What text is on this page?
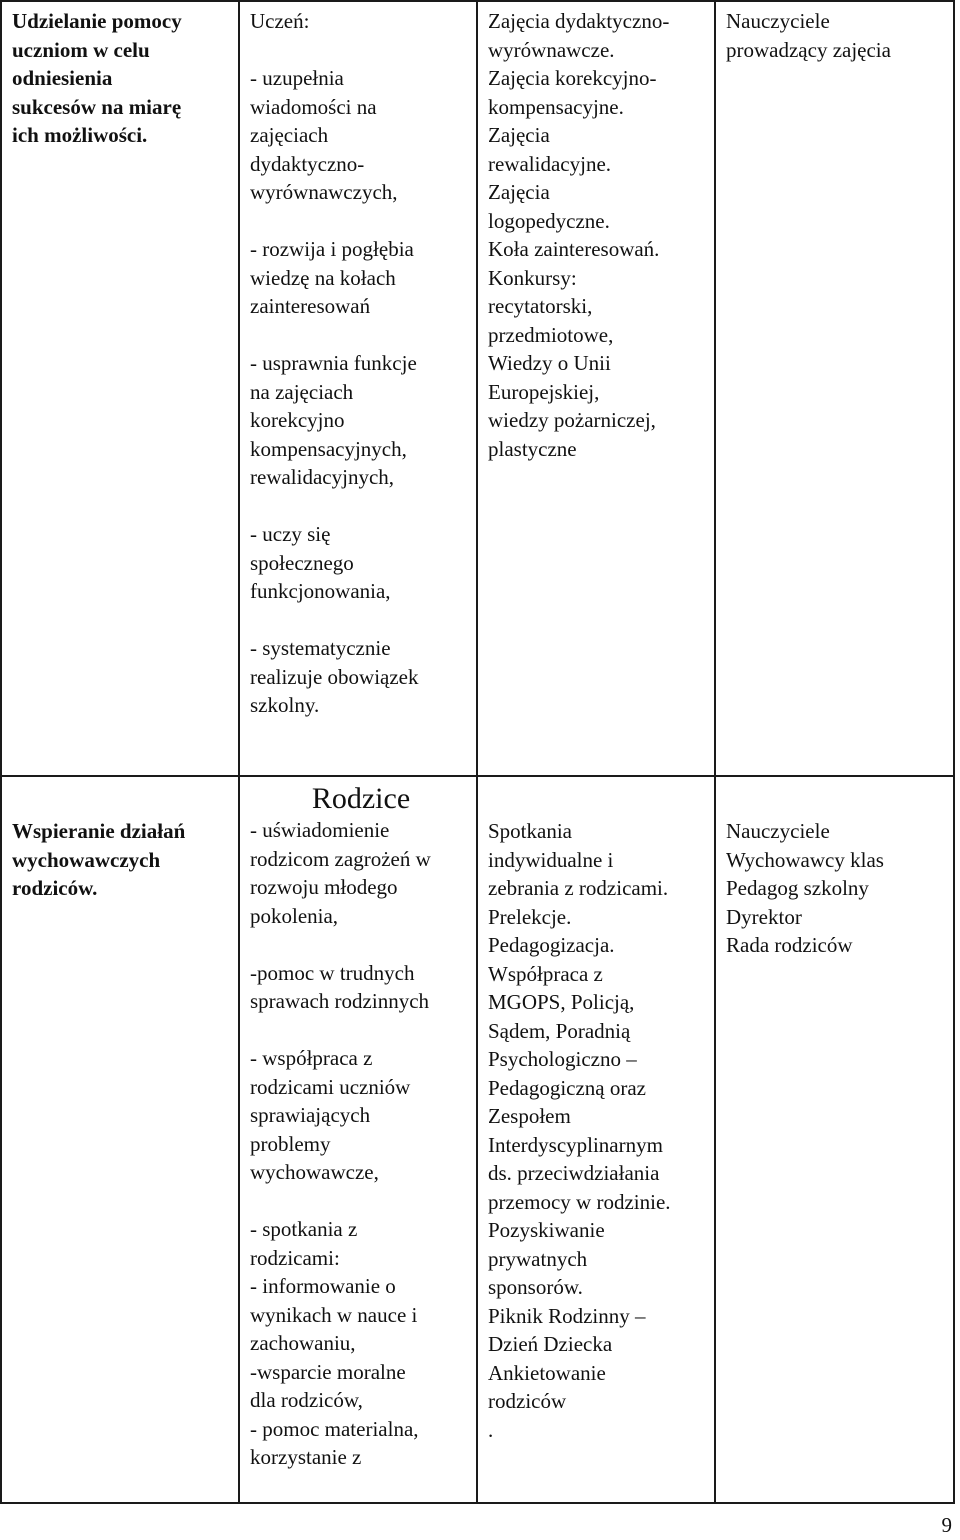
Udzielanie pomocy

uczniom w celu

odniesienia

sukcesów na miarę

ich możliwości.

Uczeń:

- uzupełnia

wiadomości na

zajęciach

dydaktyczno-

wyrównawczych,

- rozwija i pogłębia

wiedzę na kołach

zainteresowań

- usprawnia funkcje

na zajęciach

korekcyjno

kompensacyjnych,

rewalidacyjnych,

- uczy się

społecznego

funkcjonowania,

- systematycznie

realizuje obowiązek

szkolny.

Zajęcia dydaktyczno-

wyrównawcze.

Zajęcia korekcyjno-

kompensacyjne.

Zajęcia

rewalidacyjne.

Zajęcia

logopedyczne.

Koła zainteresowań.

Konkursy:

recytatorski,

przedmiotowe,

Wiedzy o Unii

Europejskiej,

wiedzy pożarniczej,

plastyczne

Nauczyciele

prowadzący zajęcia

Wspieranie działań

wychowawczych

rodziców.

Rodzice

- uświadomienie

rodzicom zagrożeń w

rozwoju młodego

pokolenia,

-pomoc w trudnych

sprawach rodzinnych

- współpraca z

rodzicami uczniów

sprawiających

problemy

wychowawcze,

- spotkania z

rodzicami:

- informowanie o

wynikach w nauce i

zachowaniu,

-wsparcie moralne

dla rodziców,

- pomoc materialna,

korzystanie z

Spotkania

indywidualne i

zebrania z rodzicami.

Prelekcje.

Pedagogizacja.

Współpraca z

MGOPS, Policją,

Sądem, Poradnią

Psychologiczno –

Pedagogiczną oraz

Zespołem

Interdyscyplinarnym

ds. przeciwdziałania

przemocy w rodzinie.

Pozyskiwanie

prywatnych

sponsorów.

Piknik Rodzinny –

Dzień Dziecka

Ankietowanie

rodziców

.

Nauczyciele

Wychowawcy klas

Pedagog szkolny

Dyrektor

Rada rodziców

9
